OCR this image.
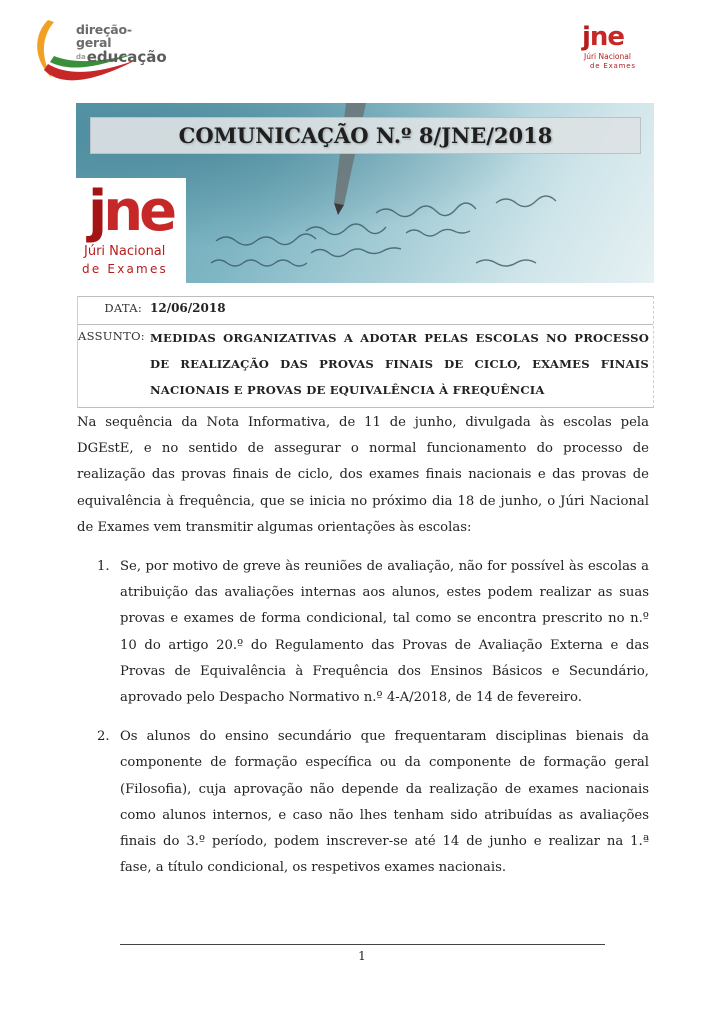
direção-geral
daeducação
jne
Júri Nacional
de Exames
COMUNICAÇÃO N.º 8/JNE/2018
jne
Júri Nacional
de Exames
DATA: 12/06/2018
ASSUNTO: MEDIDAS ORGANIZATIVAS A ADOTAR PELAS ESCOLAS NO PROCESSO DE REALIZAÇÃO DAS PROVAS FINAIS DE CICLO, EXAMES FINAIS NACIONAIS E PROVAS DE EQUIVALÊNCIA À FREQUÊNCIA

Na sequência da Nota Informativa, de 11 de junho, divulgada às escolas pela DGEstE, e no sentido de assegurar o normal funcionamento do processo de realização das provas finais de ciclo, dos exames finais nacionais e das provas de equivalência à frequência, que se inicia no próximo dia 18 de junho, o Júri Nacional de Exames vem transmitir algumas orientações às escolas:

1. Se, por motivo de greve às reuniões de avaliação, não for possível às escolas a atribuição das avaliações internas aos alunos, estes podem realizar as suas provas e exames de forma condicional, tal como se encontra prescrito no n.º 10 do artigo 20.º do Regulamento das Provas de Avaliação Externa e das Provas de Equivalência à Frequência dos Ensinos Básicos e Secundário, aprovado pelo Despacho Normativo n.º 4-A/2018, de 14 de fevereiro.
2. Os alunos do ensino secundário que frequentaram disciplinas bienais da componente de formação específica ou da componente de formação geral (Filosofia), cuja aprovação não depende da realização de exames nacionais como alunos internos, e caso não lhes tenham sido atribuídas as avaliações finais do 3.º período, podem inscrever-se até 14 de junho e realizar na 1.ª fase, a título condicional, os respetivos exames nacionais.
1
